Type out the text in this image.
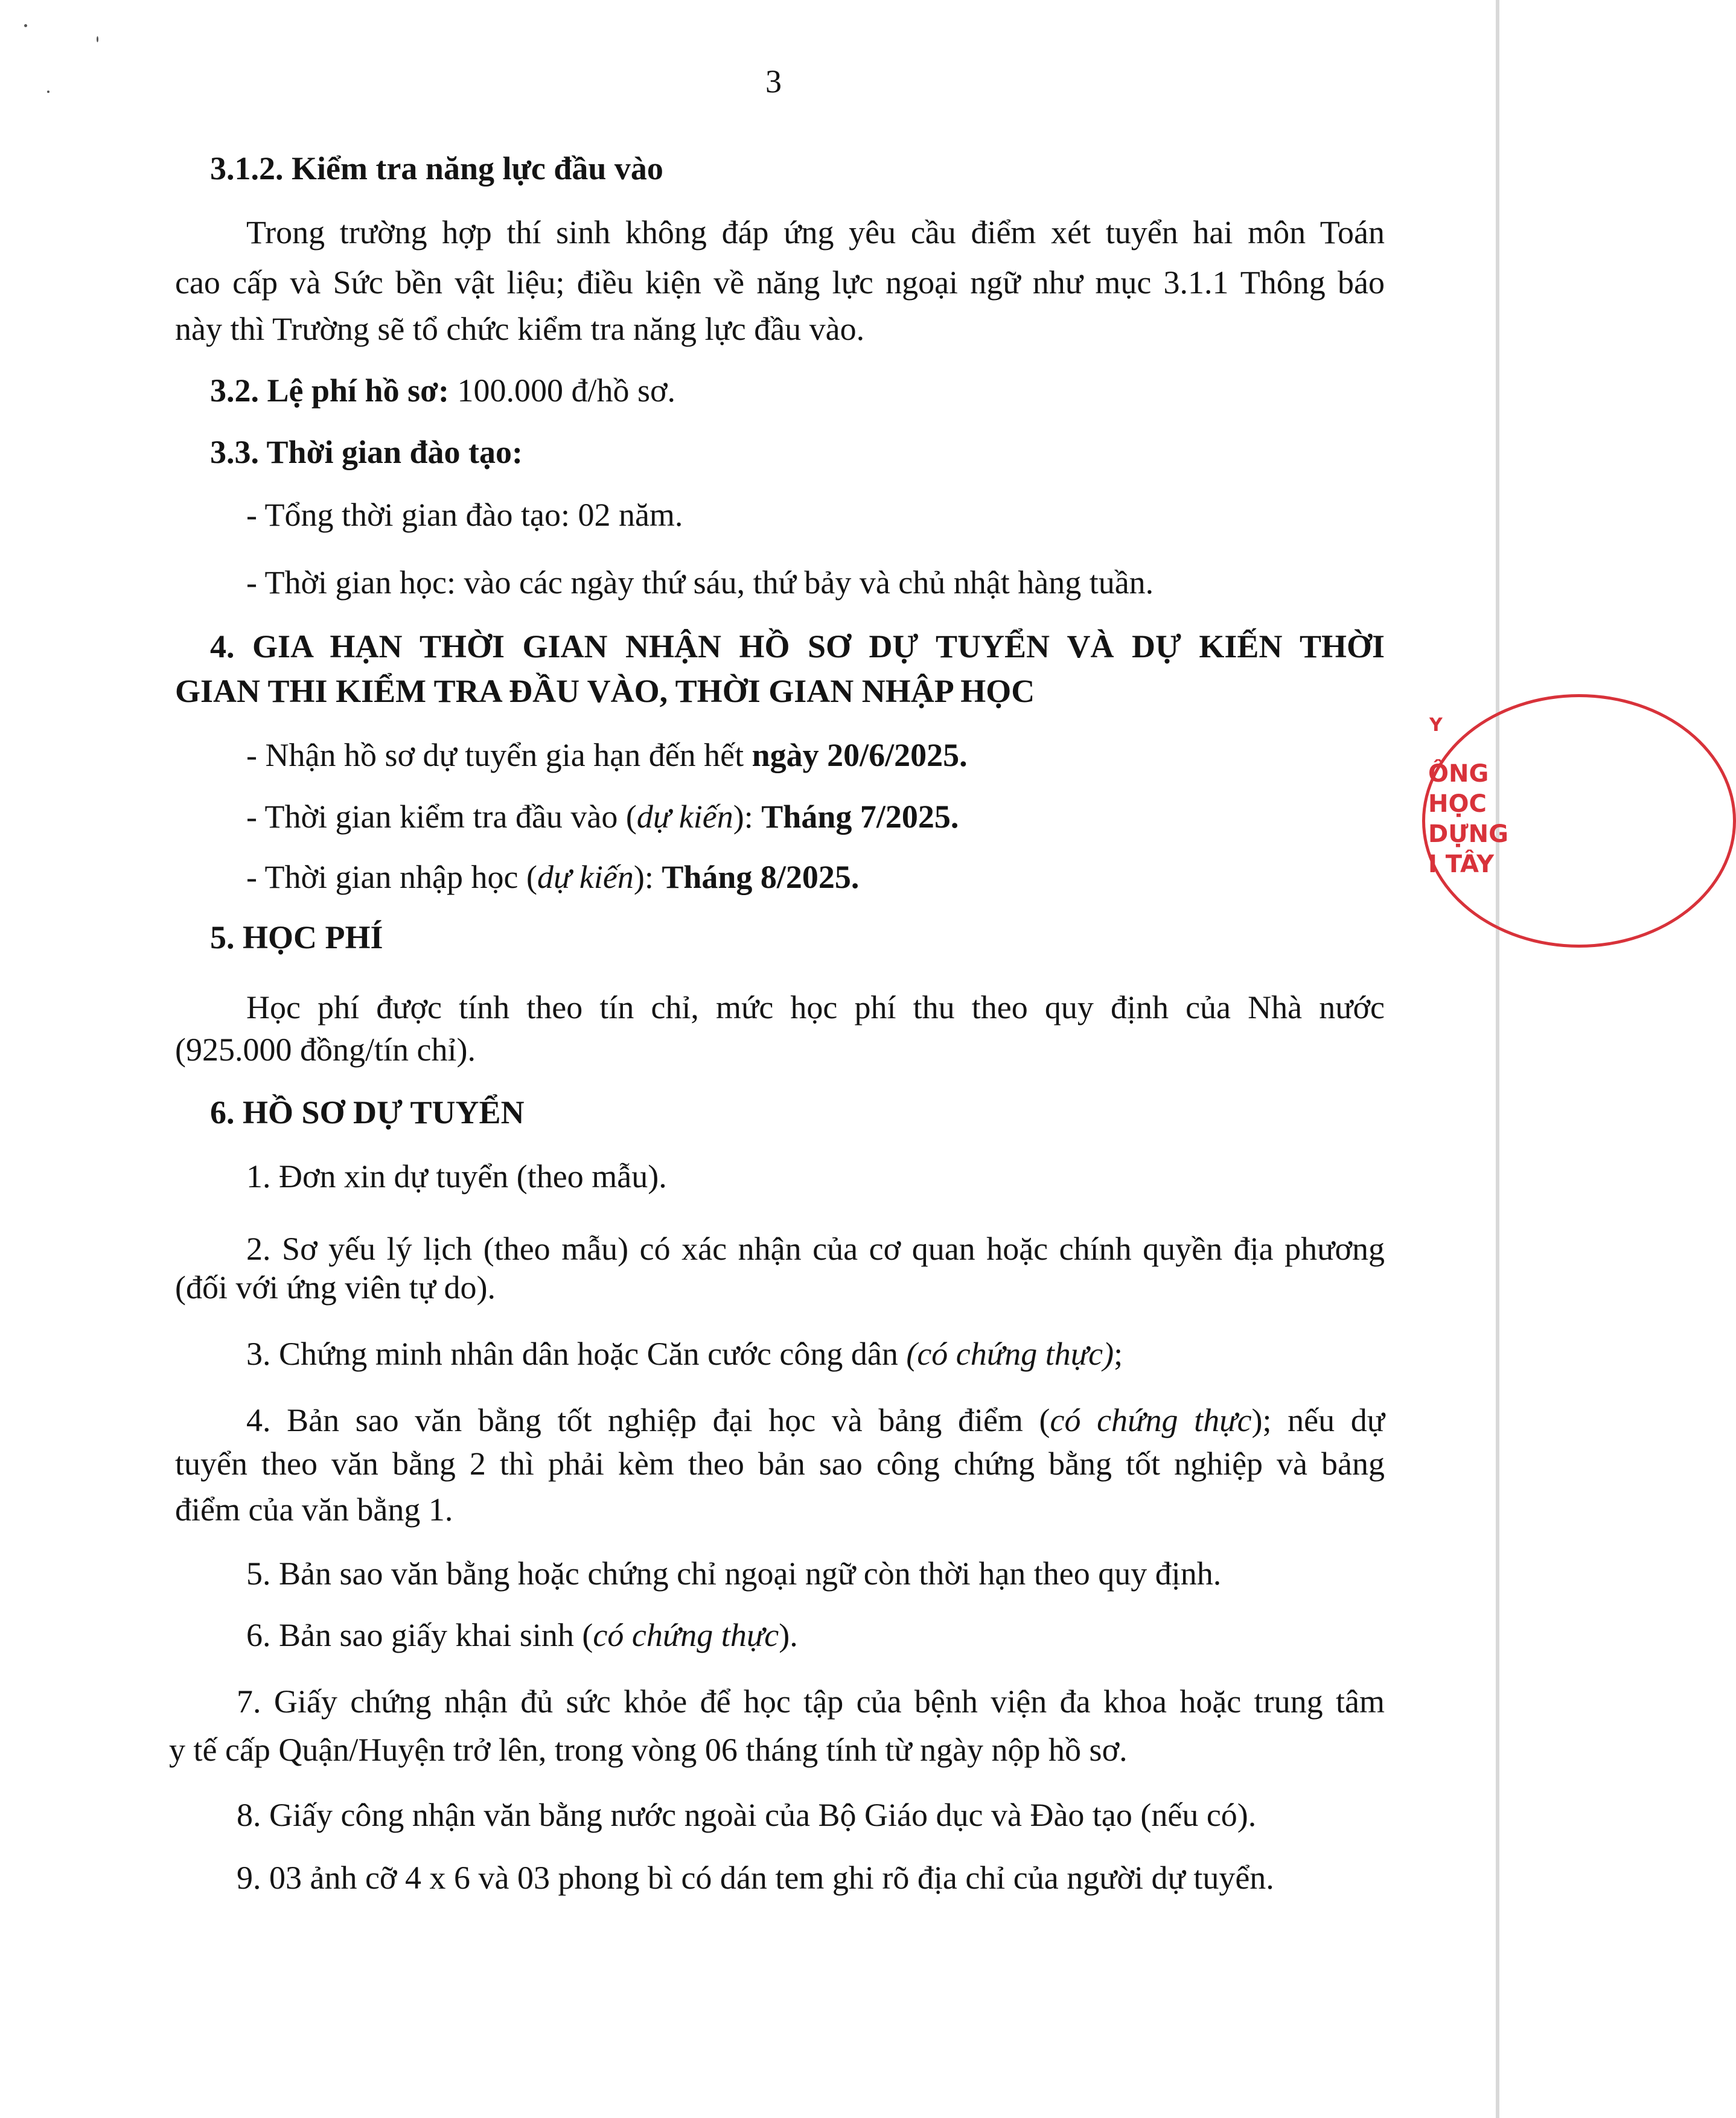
3
3.1.2. Kiểm tra năng lực đầu vào
Trong trường hợp thí sinh không đáp ứng yêu cầu điểm xét tuyển hai môn Toán
cao cấp và Sức bền vật liệu; điều kiện về năng lực ngoại ngữ như mục 3.1.1 Thông báo
này thì Trường sẽ tổ chức kiểm tra năng lực đầu vào.
3.2. Lệ phí hồ sơ: 100.000 đ/hồ sơ.
3.3. Thời gian đào tạo:
- Tổng thời gian đào tạo: 02 năm.
- Thời gian học: vào các ngày thứ sáu, thứ bảy và chủ nhật hàng tuần.
4. GIA HẠN THỜI GIAN NHẬN HỒ SƠ DỰ TUYỂN VÀ DỰ KIẾN THỜI
GIAN THI KIỂM TRA ĐẦU VÀO, THỜI GIAN NHẬP HỌC
- Nhận hồ sơ dự tuyển gia hạn đến hết ngày 20/6/2025.
- Thời gian kiểm tra đầu vào (dự kiến): Tháng 7/2025.
- Thời gian nhập học (dự kiến): Tháng 8/2025.
5. HỌC PHÍ
Học phí được tính theo tín chỉ, mức học phí thu theo quy định của Nhà nước
(925.000 đồng/tín chỉ).
6. HỒ SƠ DỰ TUYỂN
1. Đơn xin dự tuyển (theo mẫu).
2. Sơ yếu lý lịch (theo mẫu) có xác nhận của cơ quan hoặc chính quyền địa phương
(đối với ứng viên tự do).
3. Chứng minh nhân dân hoặc Căn cước công dân (có chứng thực);
4. Bản sao văn bằng tốt nghiệp đại học và bảng điểm (có chứng thực); nếu dự
tuyển theo văn bằng 2 thì phải kèm theo bản sao công chứng bằng tốt nghiệp và bảng
điểm của văn bằng 1.
5. Bản sao văn bằng hoặc chứng chỉ ngoại ngữ còn thời hạn theo quy định.
6. Bản sao giấy khai sinh (có chứng thực).
7. Giấy chứng nhận đủ sức khỏe để học tập của bệnh viện đa khoa hoặc trung tâm
y tế cấp Quận/Huyện trở lên, trong vòng 06 tháng tính từ ngày nộp hồ sơ.
8. Giấy công nhận văn bằng nước ngoài của Bộ Giáo dục và Đào tạo (nếu có).
9. 03 ảnh cỡ 4 x 6 và 03 phong bì có dán tem ghi rõ địa chỉ của người dự tuyển.
Y
ÔNG
HỌC
DỰNG
I TÂY
